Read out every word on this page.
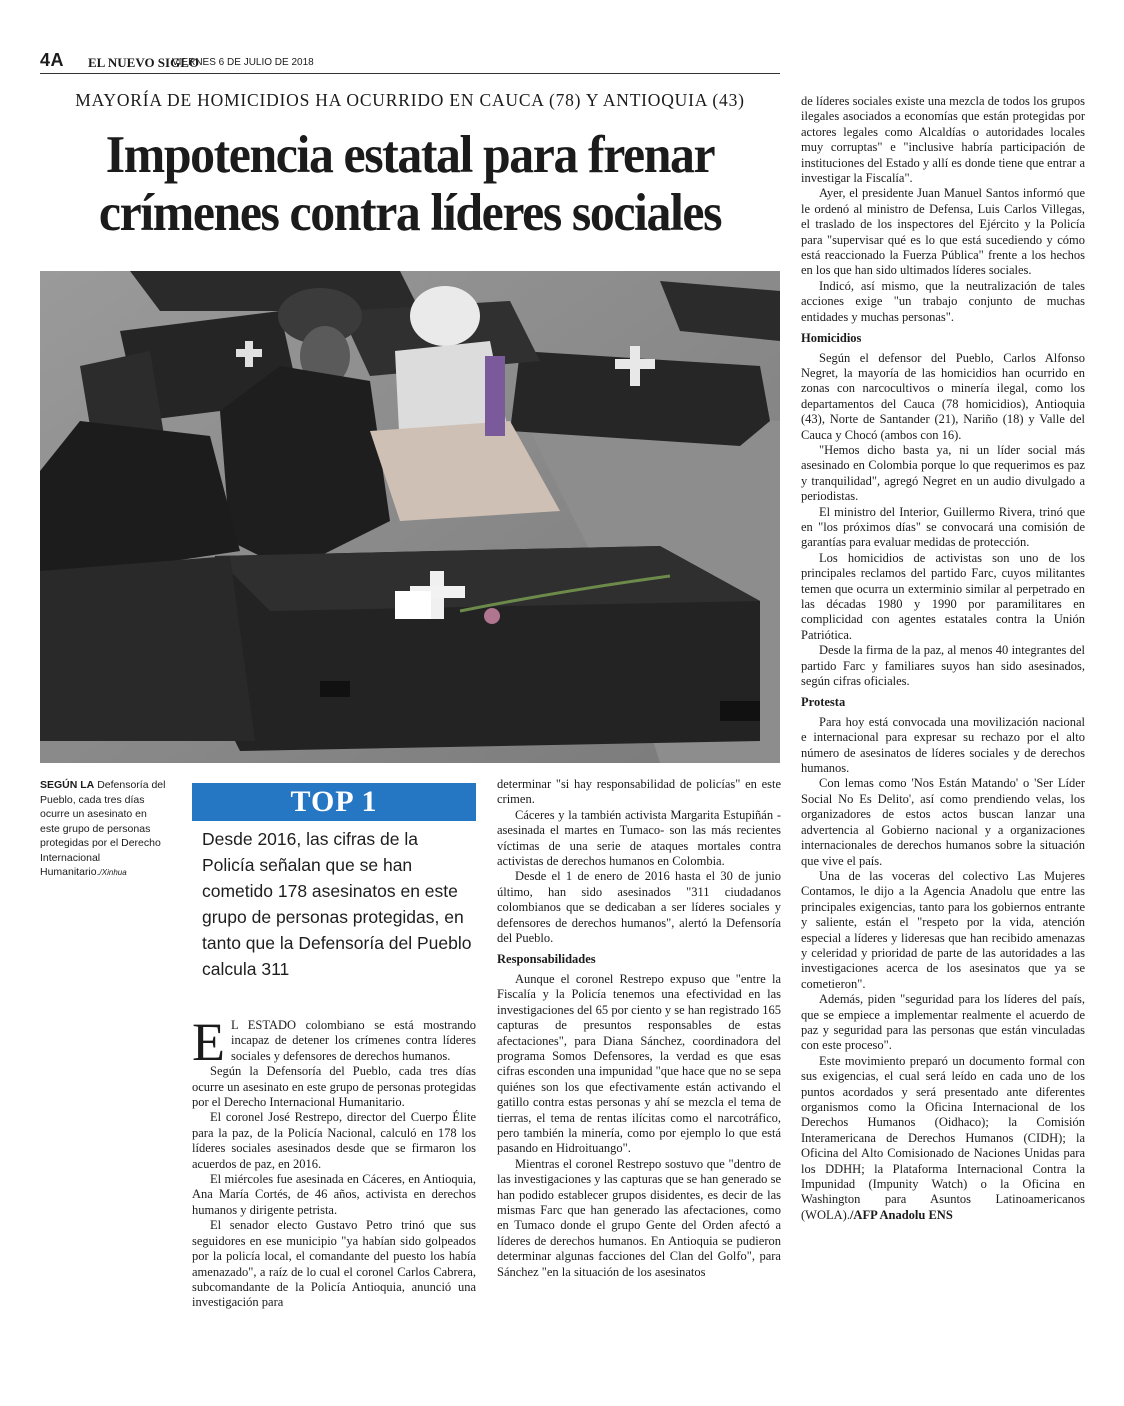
4A EL NUEVO SIGLO
VIERNES 6 DE JULIO DE 2018
MAYORÍA DE HOMICIDIOS HA OCURRIDO EN CAUCA (78) Y ANTIOQUIA (43)
Impotencia estatal para frenar
crímenes contra líderes sociales
SEGÚN LA Defensoría del Pueblo, cada tres días ocurre un asesinato en este grupo de personas protegidas por el Derecho Internacional Humanitario./Xinhua
TOP 1
Desde 2016, las cifras de la Policía señalan que se han cometido 178 asesinatos en este grupo de personas protegidas, en tanto que la Defensoría del Pueblo calcula 311

E L ESTADO colombiano se está mostrando incapaz de detener los crímenes contra líderes sociales y defensores de derechos humanos.

Según la Defensoría del Pueblo, cada tres días ocurre un asesinato en este grupo de personas protegidas por el Derecho Internacional Humanitario.

El coronel José Restrepo, director del Cuerpo Élite para la paz, de la Policía Nacional, calculó en 178 los líderes sociales asesinados desde que se firmaron los acuerdos de paz, en 2016.

El miércoles fue asesinada en Cáceres, en Antioquia, Ana María Cortés, de 46 años, activista en derechos humanos y dirigente petrista.

El senador electo Gustavo Petro trinó que sus seguidores en ese municipio "ya habían sido golpeados por la policía local, el comandante del puesto los había amenazado", a raíz de lo cual el coronel Carlos Cabrera, subcomandante de la Policía Antioquia, anunció una investigación para

determinar "si hay responsabilidad de policías" en este crimen.

Cáceres y la también activista Margarita Estupiñán -asesinada el martes en Tumaco- son las más recientes víctimas de una serie de ataques mortales contra activistas de derechos humanos en Colombia.

Desde el 1 de enero de 2016 hasta el 30 de junio último, han sido asesinados "311 ciudadanos colombianos que se dedicaban a ser líderes sociales y defensores de derechos humanos", alertó la Defensoría del Pueblo.

Responsabilidades

Aunque el coronel Restrepo expuso que "entre la Fiscalía y la Policía tenemos una efectividad en las investigaciones del 65 por ciento y se han registrado 165 capturas de presuntos responsables de estas afectaciones", para Diana Sánchez, coordinadora del programa Somos Defensores, la verdad es que esas cifras esconden una impunidad "que hace que no se sepa quiénes son los que efectivamente están activando el gatillo contra estas personas y ahí se mezcla el tema de tierras, el tema de rentas ilícitas como el narcotráfico, pero también la minería, como por ejemplo lo que está pasando en Hidroituango".

Mientras el coronel Restrepo sostuvo que "dentro de las investigaciones y las capturas que se han generado se han podido establecer grupos disidentes, es decir de las mismas Farc que han generado las afectaciones, como en Tumaco donde el grupo Gente del Orden afectó a líderes de derechos humanos. En Antioquia se pudieron determinar algunas facciones del Clan del Golfo", para Sánchez "en la situación de los asesinatos

de líderes sociales existe una mezcla de todos los grupos ilegales asociados a economías que están protegidas por actores legales como Alcaldías o autoridades locales muy corruptas" e "inclusive habría participación de instituciones del Estado y allí es donde tiene que entrar a investigar la Fiscalía".

Ayer, el presidente Juan Manuel Santos informó que le ordenó al ministro de Defensa, Luis Carlos Villegas, el traslado de los inspectores del Ejército y la Policía para "supervisar qué es lo que está sucediendo y cómo está reaccionado la Fuerza Pública" frente a los hechos en los que han sido ultimados líderes sociales.

Indicó, así mismo, que la neutralización de tales acciones exige "un trabajo conjunto de muchas entidades y muchas personas".

Homicidios

Según el defensor del Pueblo, Carlos Alfonso Negret, la mayoría de las homicidios han ocurrido en zonas con narcocultivos o minería ilegal, como los departamentos del Cauca (78 homicidios), Antioquia (43), Norte de Santander (21), Nariño (18) y Valle del Cauca y Chocó (ambos con 16).

"Hemos dicho basta ya, ni un líder social más asesinado en Colombia porque lo que requerimos es paz y tranquilidad", agregó Negret en un audio divulgado a periodistas.

El ministro del Interior, Guillermo Rivera, trinó que en "los próximos días" se convocará una comisión de garantías para evaluar medidas de protección.

Los homicidios de activistas son uno de los principales reclamos del partido Farc, cuyos militantes temen que ocurra un exterminio similar al perpetrado en las décadas 1980 y 1990 por paramilitares en complicidad con agentes estatales contra la Unión Patriótica.

Desde la firma de la paz, al menos 40 integrantes del partido Farc y familiares suyos han sido asesinados, según cifras oficiales.

Protesta

Para hoy está convocada una movilización nacional e internacional para expresar su rechazo por el alto número de asesinatos de líderes sociales y de derechos humanos.

Con lemas como 'Nos Están Matando' o 'Ser Líder Social No Es Delito', así como prendiendo velas, los organizadores de estos actos buscan lanzar una advertencia al Gobierno nacional y a organizaciones internacionales de derechos humanos sobre la situación que vive el país.

Una de las voceras del colectivo Las Mujeres Contamos, le dijo a la Agencia Anadolu que entre las principales exigencias, tanto para los gobiernos entrante y saliente, están el "respeto por la vida, atención especial a líderes y lideresas que han recibido amenazas y celeridad y prioridad de parte de las autoridades a las investigaciones acerca de los asesinatos que ya se cometieron".

Además, piden "seguridad para los líderes del país, que se empiece a implementar realmente el acuerdo de paz y seguridad para las personas que están vinculadas con este proceso".

Este movimiento preparó un documento formal con sus exigencias, el cual será leído en cada uno de los puntos acordados y será presentado ante diferentes organismos como la Oficina Internacional de los Derechos Humanos (Oidhaco); la Comisión Interamericana de Derechos Humanos (CIDH); la Oficina del Alto Comisionado de Naciones Unidas para los DDHH; la Plataforma Internacional Contra la Impunidad (Impunity Watch) o la Oficina en Washington para Asuntos Latinoamericanos (WOLA)./AFP Anadolu ENS
